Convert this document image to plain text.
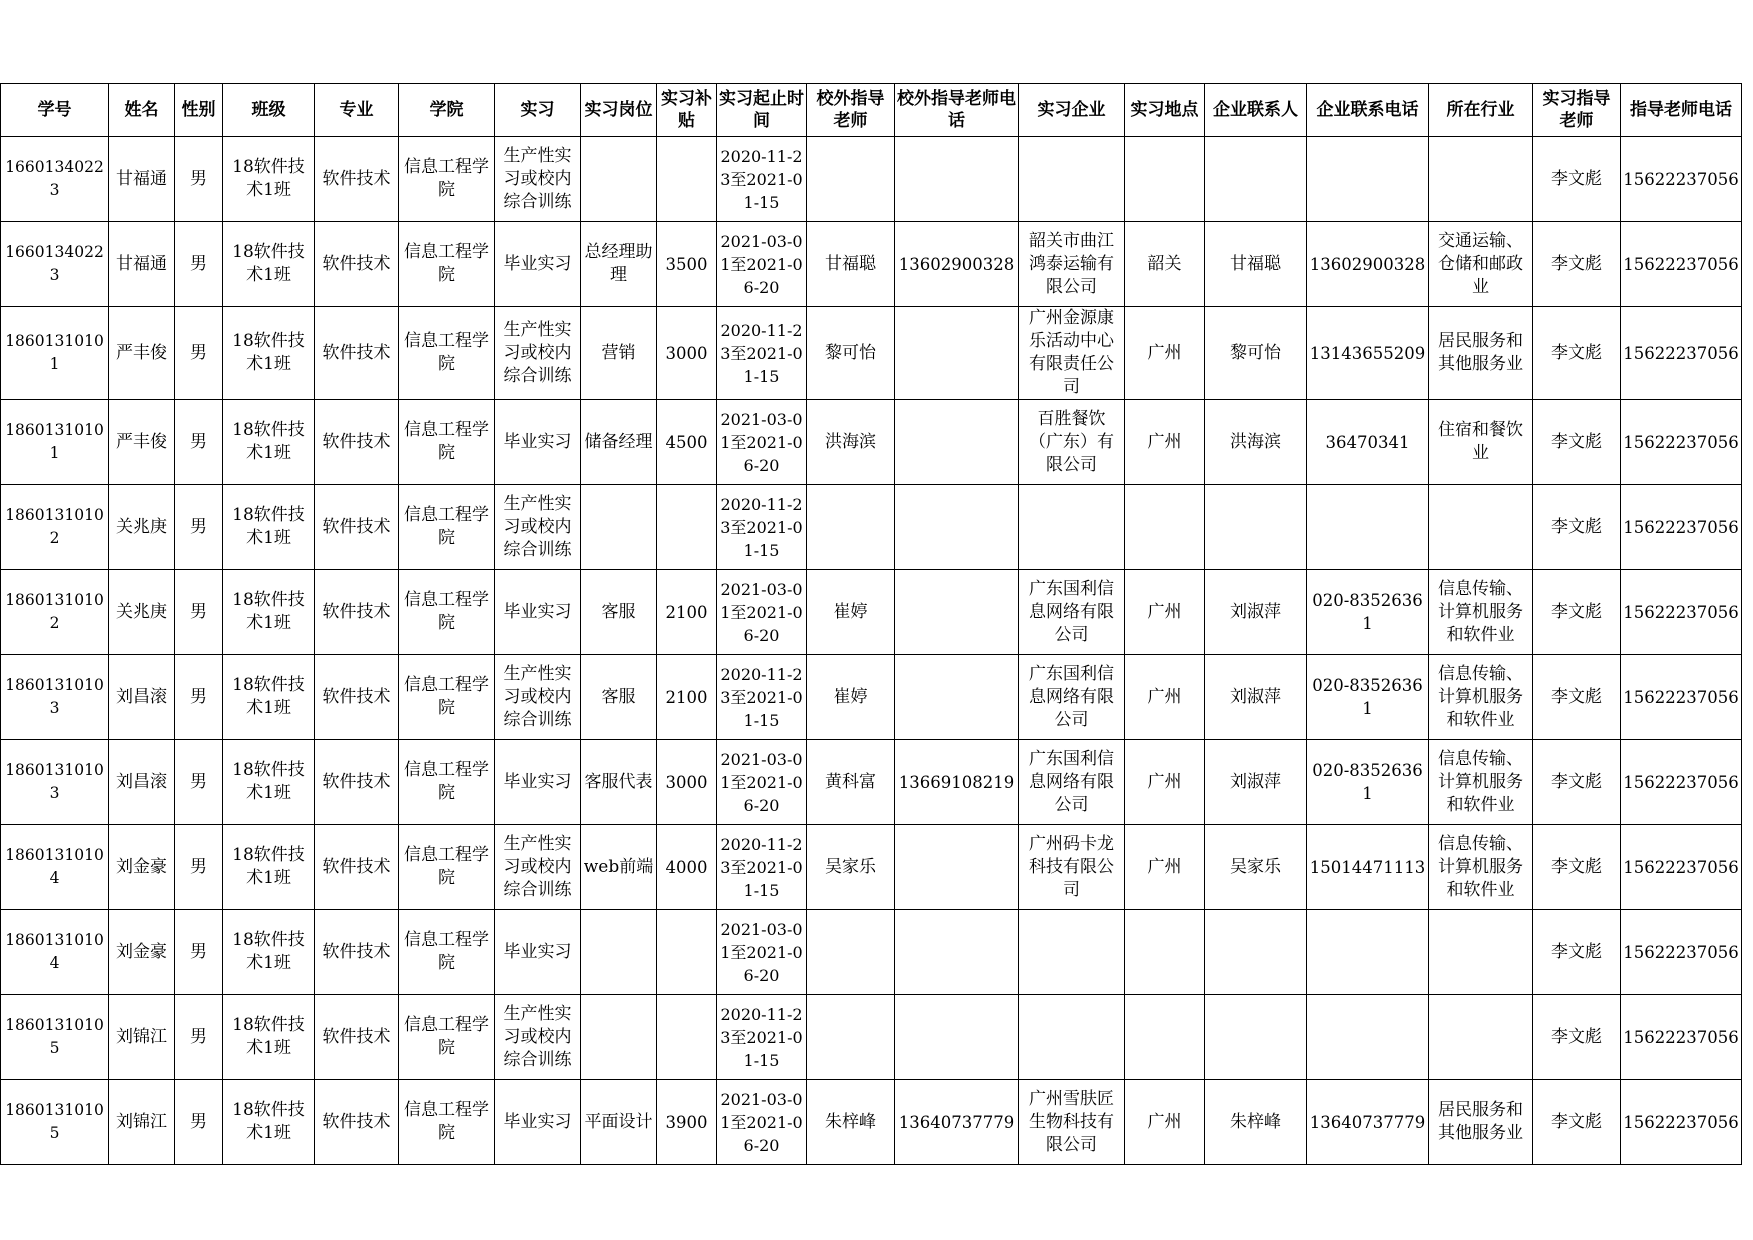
学号	姓名	性别	班级	专业	学院	实习	实习岗位	实习补贴	实习起止时间	校外指导老师	校外指导老师电话	实习企业	实习地点	企业联系人	企业联系电话	所在行业	实习指导老师	指导老师电话
16601340223	甘福通	男	18软件技术1班	软件技术	信息工程学院	生产性实习或校内综合训练			2020-11-23至2021-01-15								李文彪	15622237056
16601340223	甘福通	男	18软件技术1班	软件技术	信息工程学院	毕业实习	总经理助理	3500	2021-03-01至2021-06-20	甘福聪	13602900328	韶关市曲江鸿泰运输有限公司	韶关	甘福聪	13602900328	交通运输、仓储和邮政业	李文彪	15622237056
18601310101	严丰俊	男	18软件技术1班	软件技术	信息工程学院	生产性实习或校内综合训练	营销	3000	2020-11-23至2021-01-15	黎可怡		广州金源康乐活动中心有限责任公司	广州	黎可怡	13143655209	居民服务和其他服务业	李文彪	15622237056
18601310101	严丰俊	男	18软件技术1班	软件技术	信息工程学院	毕业实习	储备经理	4500	2021-03-01至2021-06-20	洪海滨		百胜餐饮（广东）有限公司	广州	洪海滨	36470341	住宿和餐饮业	李文彪	15622237056
18601310102	关兆庚	男	18软件技术1班	软件技术	信息工程学院	生产性实习或校内综合训练			2020-11-23至2021-01-15								李文彪	15622237056
18601310102	关兆庚	男	18软件技术1班	软件技术	信息工程学院	毕业实习	客服	2100	2021-03-01至2021-06-20	崔婷		广东国利信息网络有限公司	广州	刘淑萍	020-83526361	信息传输、计算机服务和软件业	李文彪	15622237056
18601310103	刘昌滚	男	18软件技术1班	软件技术	信息工程学院	生产性实习或校内综合训练	客服	2100	2020-11-23至2021-01-15	崔婷		广东国利信息网络有限公司	广州	刘淑萍	020-83526361	信息传输、计算机服务和软件业	李文彪	15622237056
18601310103	刘昌滚	男	18软件技术1班	软件技术	信息工程学院	毕业实习	客服代表	3000	2021-03-01至2021-06-20	黄科富	13669108219	广东国利信息网络有限公司	广州	刘淑萍	020-83526361	信息传输、计算机服务和软件业	李文彪	15622237056
18601310104	刘金豪	男	18软件技术1班	软件技术	信息工程学院	生产性实习或校内综合训练	web前端	4000	2020-11-23至2021-01-15	吴家乐		广州码卡龙科技有限公司	广州	吴家乐	15014471113	信息传输、计算机服务和软件业	李文彪	15622237056
18601310104	刘金豪	男	18软件技术1班	软件技术	信息工程学院	毕业实习			2021-03-01至2021-06-20								李文彪	15622237056
18601310105	刘锦江	男	18软件技术1班	软件技术	信息工程学院	生产性实习或校内综合训练			2020-11-23至2021-01-15								李文彪	15622237056
18601310105	刘锦江	男	18软件技术1班	软件技术	信息工程学院	毕业实习	平面设计	3900	2021-03-01至2021-06-20	朱梓峰	13640737779	广州雪肤匠生物科技有限公司	广州	朱梓峰	13640737779	居民服务和其他服务业	李文彪	15622237056
